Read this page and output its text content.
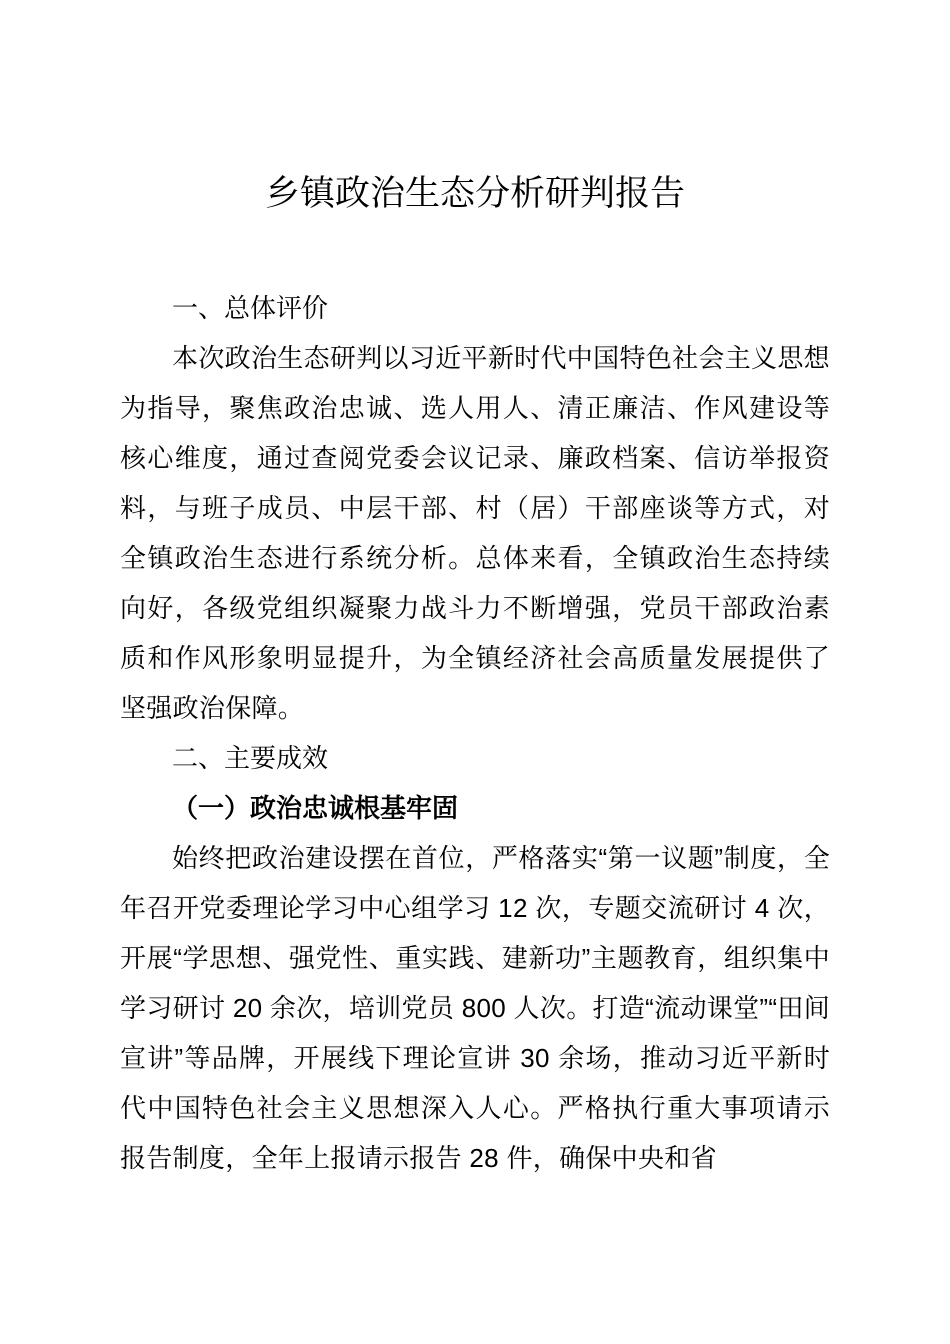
乡镇政治生态分析研判报告
一、总体评价

本次政治生态研判以习近平新时代中国特色社会主义思想为指导，聚焦政治忠诚、选人用人、清正廉洁、作风建设等核心维度，通过查阅党委会议记录、廉政档案、信访举报资料，与班子成员、中层干部、村（居）干部座谈等方式，对全镇政治生态进行系统分析。总体来看，全镇政治生态持续向好，各级党组织凝聚力战斗力不断增强，党员干部政治素质和作风形象明显提升，为全镇经济社会高质量发展提供了坚强政治保障。

二、主要成效
（一）政治忠诚根基牢固

始终把政治建设摆在首位，严格落实“第一议题”制度，全年召开党委理论学习中心组学习 12 次，专题交流研讨 4 次，开展“学思想、强党性、重实践、建新功”主题教育，组织集中学习研讨 20 余次，培训党员 800 人次。打造“流动课堂”“田间宣讲”等品牌，开展线下理论宣讲 30 余场，推动习近平新时代中国特色社会主义思想深入人心。严格执行重大事项请示报告制度，全年上报请示报告 28 件，确保中央和省
